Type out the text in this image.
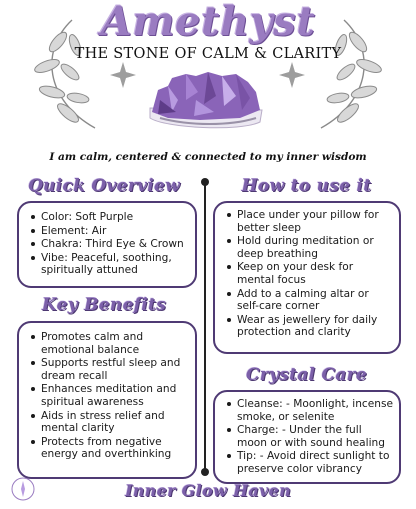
Amethyst
THE STONE OF CALM & CLARITY
I am calm, centered & connected to my inner wisdom
Quick Overview
Color: Soft Purple
Element: Air
Chakra: Third Eye & Crown
Vibe: Peaceful, soothing, spiritually attuned
Key Benefits
Promotes calm and emotional balance
Supports restful sleep and dream recall
Enhances meditation and spiritual awareness
Aids in stress relief and mental clarity
Protects from negative energy and overthinking
How to use it
Place under your pillow for better sleep
Hold during meditation or deep breathing
Keep on your desk for mental focus
Add to a calming altar or self-care corner
Wear as jewellery for daily protection and clarity
Crystal Care
Cleanse: - Moonlight, incense smoke, or selenite
Charge: - Under the full moon or with sound healing
Tip: - Avoid direct sunlight to preserve color vibrancy
Inner Glow Haven
